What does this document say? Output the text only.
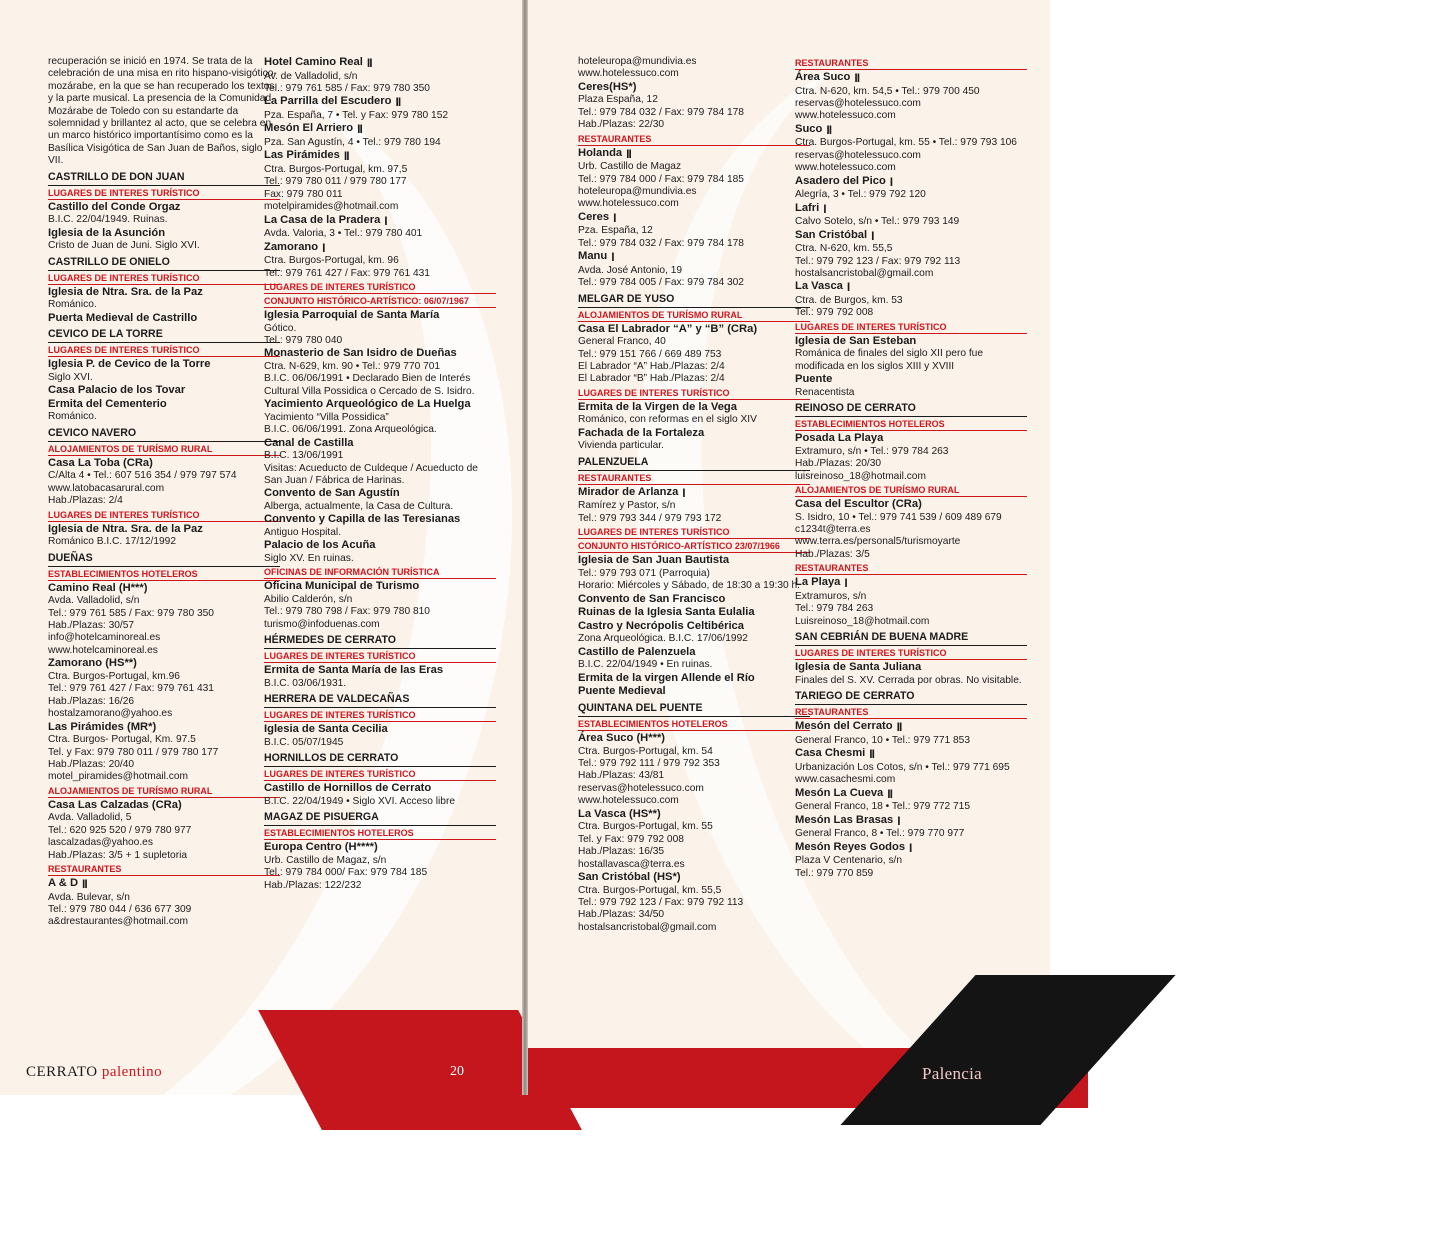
recuperación se inició en 1974. Se trata de la celebración de una misa en rito hispano-visigótico-mozárabe, en la que se han recuperado los textos y la parte musical. La presencia de la Comunidad Mozárabe de Toledo con su estandarte da solemnidad y brillantez al acto, que se celebra en un marco histórico importantísimo como es la Basílica Visigótica de San Juan de Baños, siglo VII.
CASTRILLO DE DON JUAN
LUGARES DE INTERES TURÍSTICO
Castillo del Conde Orgaz
B.I.C. 22/04/1949. Ruinas.
Iglesia de la Asunción
Cristo de Juan de Juni. Siglo XVI.
CASTRILLO DE ONIELO
LUGARES DE INTERES TURÍSTICO
Iglesia de Ntra. Sra. de la Paz
Románico.
Puerta Medieval de Castrillo
CEVICO DE LA TORRE
LUGARES DE INTERES TURÍSTICO
Iglesia P. de Cevico de la Torre
Siglo XVI.
Casa Palacio de los Tovar
Ermita del Cementerio
Románico.
CEVICO NAVERO
ALOJAMIENTOS DE TURÍSMO RURAL
Casa La Toba (CRa)
C/Alta 4 • Tel.: 607 516 354 / 979 797 574
www.latobacasarural.com
Hab./Plazas: 2/4
LUGARES DE INTERES TURÍSTICO
Iglesia de Ntra. Sra. de la Paz
Románico B.I.C. 17/12/1992
DUEÑAS
ESTABLECIMIENTOS HOTELEROS
Camino Real (H***)
Avda. Valladolid, s/n
Tel.: 979 761 585 / Fax: 979 780 350
Hab./Plazas: 30/57
info@hotelcaminoreal.es
www.hotelcaminoreal.es
Zamorano (HS**)
Ctra. Burgos-Portugal, km.96
Tel.: 979 761 427 / Fax: 979 761 431
Hab./Plazas: 16/26
hostalzamorano@yahoo.es
Las Pirámides (MR*)
Ctra. Burgos- Portugal, Km. 97.5
Tel. y Fax: 979 780 011 / 979 780 177
Hab./Plazas: 20/40
motel_piramides@hotmail.com
ALOJAMIENTOS DE TURÍSMO RURAL
Casa Las Calzadas (CRa)
Avda. Valladolid, 5
Tel.: 620 925 520 / 979 780 977
lascalzadas@yahoo.es
Hab./Plazas: 3/5 + 1 supletoria
RESTAURANTES
A & D ǀǀ
Avda. Bulevar, s/n
Tel.: 979 780 044 / 636 677 309
a&drestaurantes@hotmail.com
Hotel Camino Real ǀǀ
Av. de Valladolid, s/n
Tel.: 979 761 585 / Fax: 979 780 350
La Parrilla del Escudero ǀǀ
Pza. España, 7 • Tel. y Fax: 979 780 152
Mesón El Arriero ǀǀ
Pza. San Agustín, 4 • Tel.: 979 780 194
Las Pirámides ǀǀ
Ctra. Burgos-Portugal, km. 97,5
Tel.: 979 780 011 / 979 780 177
Fax: 979 780 011
motelpiramides@hotmail.com
La Casa de la Pradera ǀ
Avda. Valoria, 3 • Tel.: 979 780 401
Zamorano ǀ
Ctra. Burgos-Portugal, km. 96
Tel.: 979 761 427 / Fax: 979 761 431
LUGARES DE INTERES TURÍSTICO
CONJUNTO HISTÓRICO-ARTÍSTICO: 06/07/1967
Iglesia Parroquial de Santa María
Gótico.
Tel.: 979 780 040
Monasterio de San Isidro de Dueñas
Ctra. N-629, km. 90 • Tel.: 979 770 701
B.I.C. 06/06/1991 • Declarado Bien de Interés Cultural Villa Possidica o Cercado de S. Isidro.
Yacimiento Arqueológico de La Huelga
Yacimiento “Villa Possidica”
B.I.C. 06/06/1991. Zona Arqueológica.
Canal de Castilla
B.I.C. 13/06/1991
Visitas: Acueducto de Culdeque / Acueducto de San Juan / Fábrica de Harinas.
Convento de San Agustín
Alberga, actualmente, la Casa de Cultura.
Convento y Capilla de las Teresianas
Antiguo Hospital.
Palacio de los Acuña
Siglo XV. En ruinas.
OFICINAS DE INFORMACIÓN TURÍSTICA
Oficina Municipal de Turismo
Abilio Calderón, s/n
Tel.: 979 780 798 / Fax: 979 780 810
turismo@infoduenas.com
HÉRMEDES DE CERRATO
LUGARES DE INTERES TURÍSTICO
Ermita de Santa María de las Eras
B.I.C. 03/06/1931.
HERRERA DE VALDECAÑAS
LUGARES DE INTERES TURÍSTICO
Iglesia de Santa Cecilia
B.I.C. 05/07/1945
HORNILLOS DE CERRATO
LUGARES DE INTERES TURÍSTICO
Castillo de Hornillos de Cerrato
B.I.C. 22/04/1949 • Siglo XVI. Acceso libre
MAGAZ DE PISUERGA
ESTABLECIMIENTOS HOTELEROS
Europa Centro (H****)
Urb. Castillo de Magaz, s/n
Tel.: 979 784 000/ Fax: 979 784 185
Hab./Plazas: 122/232
CERRATO palentino	20
hoteleuropa@mundivia.es
www.hotelessuco.com
Ceres(HS*)
Plaza España, 12
Tel.: 979 784 032 / Fax: 979 784 178
Hab./Plazas: 22/30
RESTAURANTES
Holanda ǀǀ
Urb. Castillo de Magaz
Tel.: 979 784 000 / Fax: 979 784 185
hoteleuropa@mundivia.es
www.hotelessuco.com
Ceres ǀ
Pza. España, 12
Tel.: 979 784 032 / Fax: 979 784 178
Manu ǀ
Avda. José Antonio, 19
Tel.: 979 784 005 / Fax: 979 784 302
MELGAR DE YUSO
ALOJAMIENTOS DE TURÍSMO RURAL
Casa El Labrador “A” y “B” (CRa)
General Franco, 40
Tel.: 979 151 766 / 669 489 753
El Labrador “A” Hab./Plazas: 2/4
El Labrador “B” Hab./Plazas: 2/4
LUGARES DE INTERES TURÍSTICO
Ermita de la Virgen de la Vega
Románico, con reformas en el siglo XIV
Fachada de la Fortaleza
Vivienda particular.
PALENZUELA
RESTAURANTES
Mirador de Arlanza ǀ
Ramírez y Pastor, s/n
Tel.: 979 793 344 / 979 793 172
LUGARES DE INTERES TURÍSTICO
CONJUNTO HISTÓRICO-ARTÍSTICO 23/07/1966
Iglesia de San Juan Bautista
Tel.: 979 793 071 (Parroquia)
Horario: Miércoles y Sábado, de 18:30 a 19:30 h.
Convento de San Francisco
Ruinas de la Iglesia Santa Eulalia
Castro y Necrópolis Celtibérica
Zona Arqueológica. B.I.C. 17/06/1992
Castillo de Palenzuela
B.I.C. 22/04/1949 • En ruinas.
Ermita de la virgen Allende el Río
Puente Medieval
QUINTANA DEL PUENTE
ESTABLECIMIENTOS HOTELEROS
Área Suco (H***)
Ctra. Burgos-Portugal, km. 54
Tel.: 979 792 111 / 979 792 353
Hab./Plazas: 43/81
reservas@hotelessuco.com
www.hotelessuco.com
La Vasca (HS**)
Ctra. Burgos-Portugal, km. 55
Tel. y Fax: 979 792 008
Hab./Plazas: 16/35
hostallavasca@terra.es
San Cristóbal (HS*)
Ctra. Burgos-Portugal, km. 55,5
Tel.: 979 792 123 / Fax: 979 792 113
Hab./Plazas: 34/50
hostalsancristobal@gmail.com
RESTAURANTES
Área Suco ǀǀ
Ctra. N-620, km. 54,5 • Tel.: 979 700 450
reservas@hotelessuco.com
www.hotelessuco.com
Suco ǀǀ
Ctra. Burgos-Portugal, km. 55 • Tel.: 979 793 106
reservas@hotelessuco.com
www.hotelessuco.com
Asadero del Pico ǀ
Alegría, 3 • Tel.: 979 792 120
Lafri ǀ
Calvo Sotelo, s/n • Tel.: 979 793 149
San Cristóbal ǀ
Ctra. N-620, km. 55,5
Tel.: 979 792 123 / Fax: 979 792 113
hostalsancristobal@gmail.com
La Vasca ǀ
Ctra. de Burgos, km. 53
Tel.: 979 792 008
LUGARES DE INTERES TURÍSTICO
Iglesia de San Esteban
Románica de finales del siglo XII pero fue modificada en los siglos XIII y XVIII
Puente
Renacentista
REINOSO DE CERRATO
ESTABLECIMIENTOS HOTELEROS
Posada La Playa
Extramuro, s/n • Tel.: 979 784 263
Hab./Plazas: 20/30
luisreinoso_18@hotmail.com
ALOJAMIENTOS DE TURÍSMO RURAL
Casa del Escultor (CRa)
S. Isidro, 10 • Tel.: 979 741 539 / 609 489 679
c1234t@terra.es
www.terra.es/personal5/turismoyarte
Hab./Plazas: 3/5
RESTAURANTES
La Playa ǀ
Extramuros, s/n
Tel.: 979 784 263
Luisreinoso_18@hotmail.com
SAN CEBRIÁN DE BUENA MADRE
LUGARES DE INTERES TURÍSTICO
Iglesia de Santa Juliana
Finales del S. XV. Cerrada por obras. No visitable.
TARIEGO DE CERRATO
RESTAURANTES
Mesón del Cerrato ǀǀ
General Franco, 10 • Tel.: 979 771 853
Casa Chesmi ǀǀ
Urbanización Los Cotos, s/n • Tel.: 979 771 695
www.casachesmi.com
Mesón La Cueva ǀǀ
General Franco, 18 • Tel.: 979 772 715
Mesón Las Brasas ǀ
General Franco, 8 • Tel.: 979 770 977
Mesón Reyes Godos ǀ
Plaza V Centenario, s/n
Tel.: 979 770 859
21
Palencia
